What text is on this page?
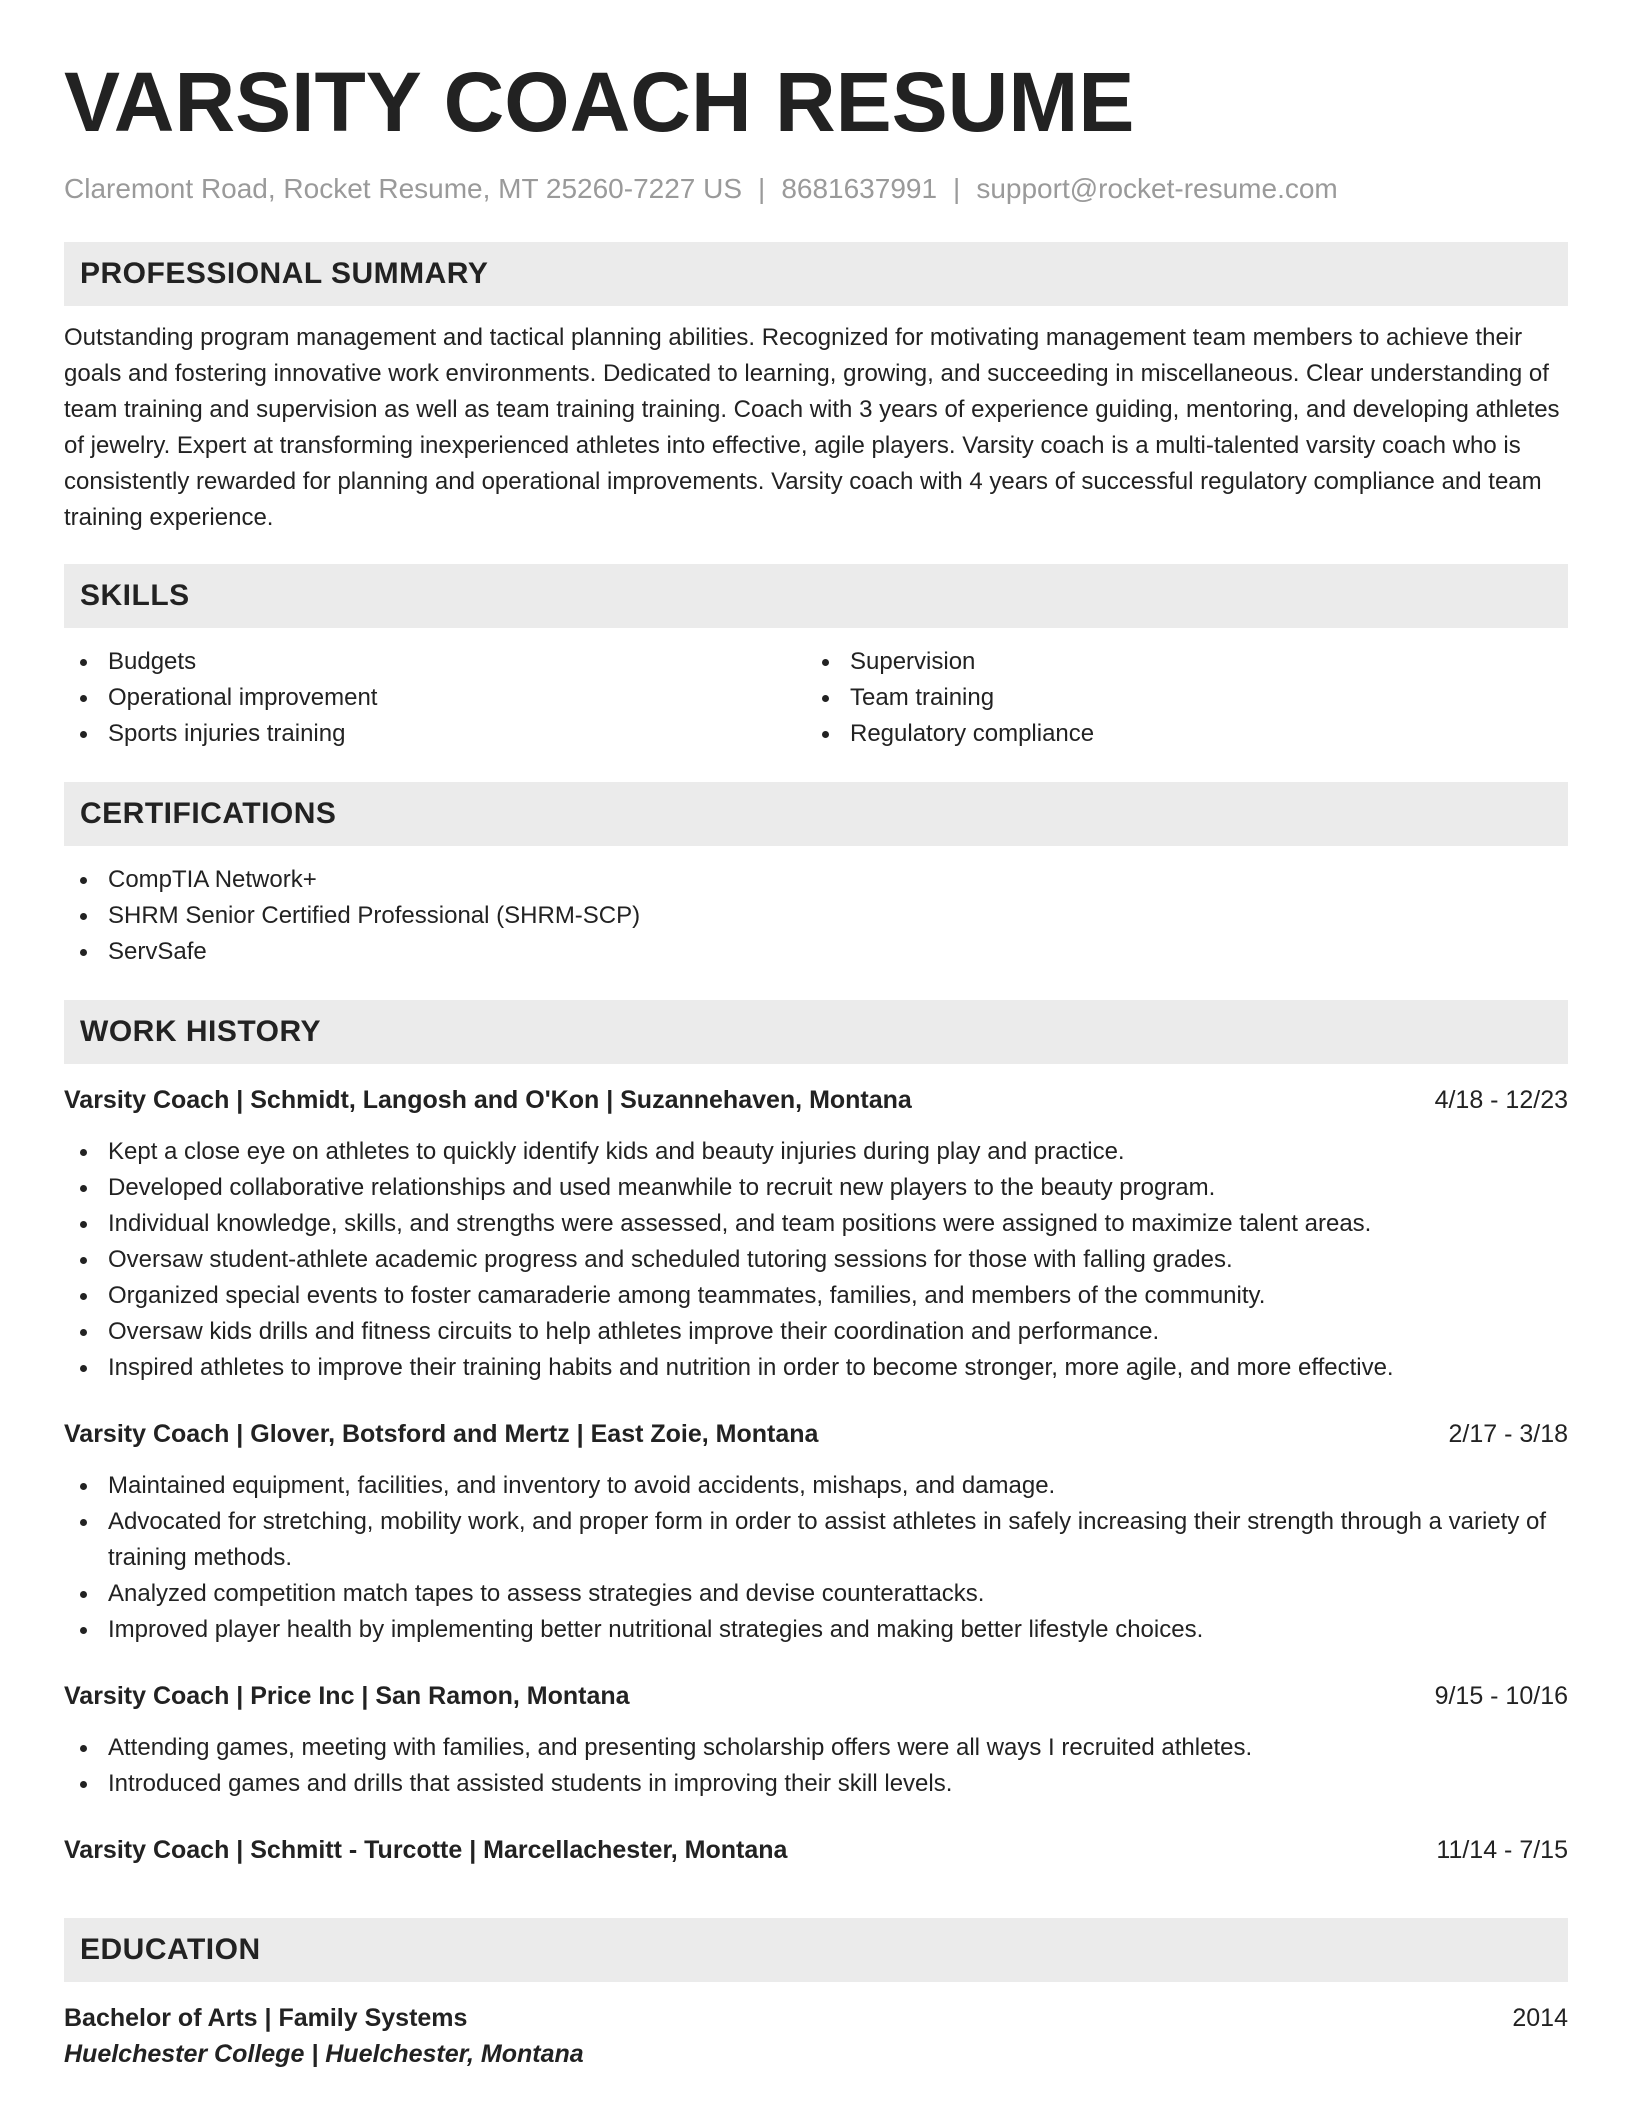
VARSITY COACH RESUME
Claremont Road, Rocket Resume, MT 25260-7227 US | 8681637991 | support@rocket-resume.com
PROFESSIONAL SUMMARY

Outstanding program management and tactical planning abilities. Recognized for motivating management team members to achieve their goals and fostering innovative work environments. Dedicated to learning, growing, and succeeding in miscellaneous. Clear understanding of team training and supervision as well as team training training. Coach with 3 years of experience guiding, mentoring, and developing athletes of jewelry. Expert at transforming inexperienced athletes into effective, agile players. Varsity coach is a multi-talented varsity coach who is consistently rewarded for planning and operational improvements. Varsity coach with 4 years of successful regulatory compliance and team training experience.

SKILLS
Budgets
Operational improvement
Sports injuries training
Supervision
Team training
Regulatory compliance
CERTIFICATIONS
CompTIA Network+
SHRM Senior Certified Professional (SHRM-SCP)
ServSafe
WORK HISTORY
Varsity Coach | Schmidt, Langosh and O'Kon | Suzannehaven, Montana	4/18 - 12/23
Kept a close eye on athletes to quickly identify kids and beauty injuries during play and practice.
Developed collaborative relationships and used meanwhile to recruit new players to the beauty program.
Individual knowledge, skills, and strengths were assessed, and team positions were assigned to maximize talent areas.
Oversaw student-athlete academic progress and scheduled tutoring sessions for those with falling grades.
Organized special events to foster camaraderie among teammates, families, and members of the community.
Oversaw kids drills and fitness circuits to help athletes improve their coordination and performance.
Inspired athletes to improve their training habits and nutrition in order to become stronger, more agile, and more effective.
Varsity Coach | Glover, Botsford and Mertz | East Zoie, Montana	2/17 - 3/18
Maintained equipment, facilities, and inventory to avoid accidents, mishaps, and damage.
Advocated for stretching, mobility work, and proper form in order to assist athletes in safely increasing their strength through a variety of training methods.
Analyzed competition match tapes to assess strategies and devise counterattacks.
Improved player health by implementing better nutritional strategies and making better lifestyle choices.
Varsity Coach | Price Inc | San Ramon, Montana	9/15 - 10/16
Attending games, meeting with families, and presenting scholarship offers were all ways I recruited athletes.
Introduced games and drills that assisted students in improving their skill levels.
Varsity Coach | Schmitt - Turcotte | Marcellachester, Montana	11/14 - 7/15
EDUCATION
Bachelor of Arts | Family Systems	2014
Huelchester College | Huelchester, Montana
